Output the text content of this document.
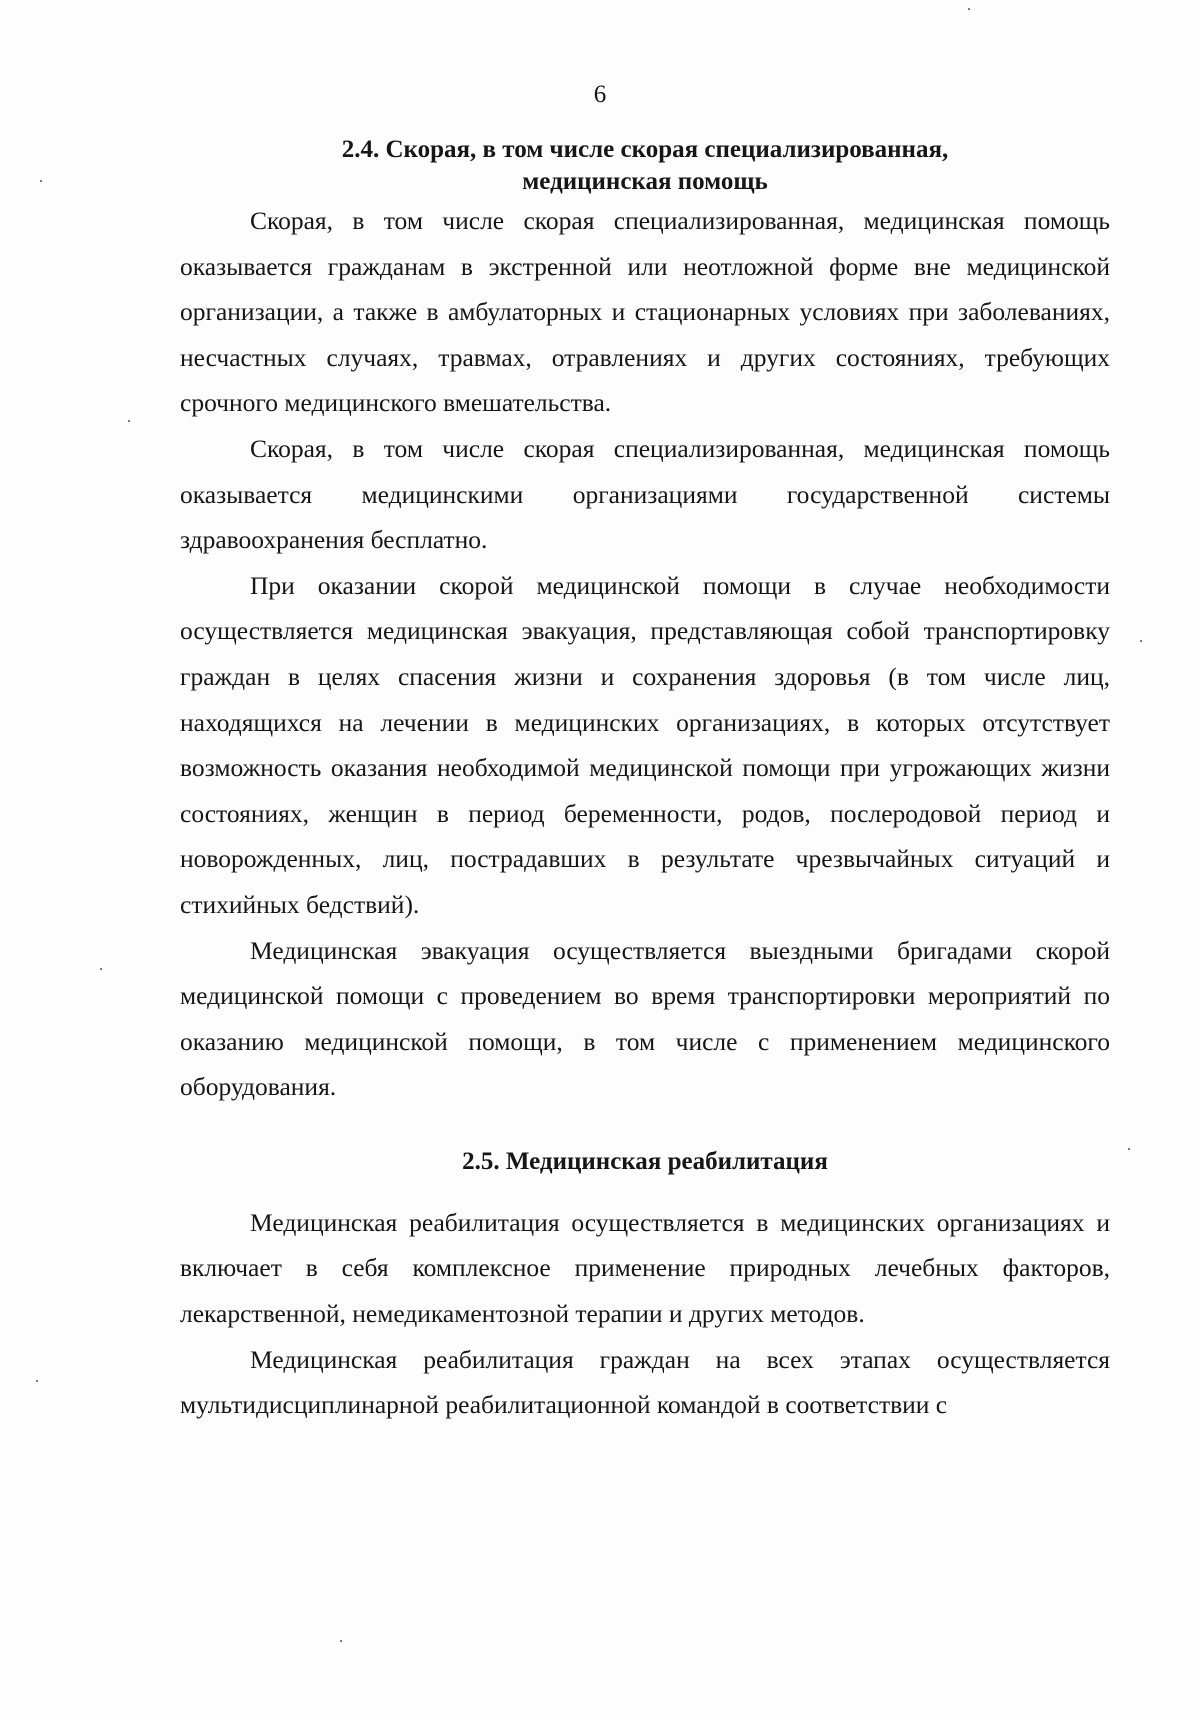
6
2.4. Скорая, в том числе скорая специализированная,
медицинская помощь

Скорая, в том числе скорая специализированная, медицинская помощь оказывается гражданам в экстренной или неотложной форме вне медицинской организации, а также в амбулаторных и стационарных условиях при заболеваниях, несчастных случаях, травмах, отравлениях и других состояниях, требующих срочного медицинского вмешательства.

Скорая, в том числе скорая специализированная, медицинская помощь оказывается медицинскими организациями государственной системы здравоохранения бесплатно.

При оказании скорой медицинской помощи в случае необходимости осуществляется медицинская эвакуация, представляющая собой транспортировку граждан в целях спасения жизни и сохранения здоровья (в том числе лиц, находящихся на лечении в медицинских организациях, в которых отсутствует возможность оказания необходимой медицинской помощи при угрожающих жизни состояниях, женщин в период беременности, родов, послеродовой период и новорожденных, лиц, пострадавших в результате чрезвычайных ситуаций и стихийных бедствий).

Медицинская эвакуация осуществляется выездными бригадами скорой медицинской помощи с проведением во время транспортировки мероприятий по оказанию медицинской помощи, в том числе с применением медицинского оборудования.

2.5. Медицинская реабилитация

Медицинская реабилитация осуществляется в медицинских организациях и включает в себя комплексное применение природных лечебных факторов, лекарственной, немедикаментозной терапии и других методов.

Медицинская реабилитация граждан на всех этапах осуществляется мультидисциплинарной реабилитационной командой в соответствии с
